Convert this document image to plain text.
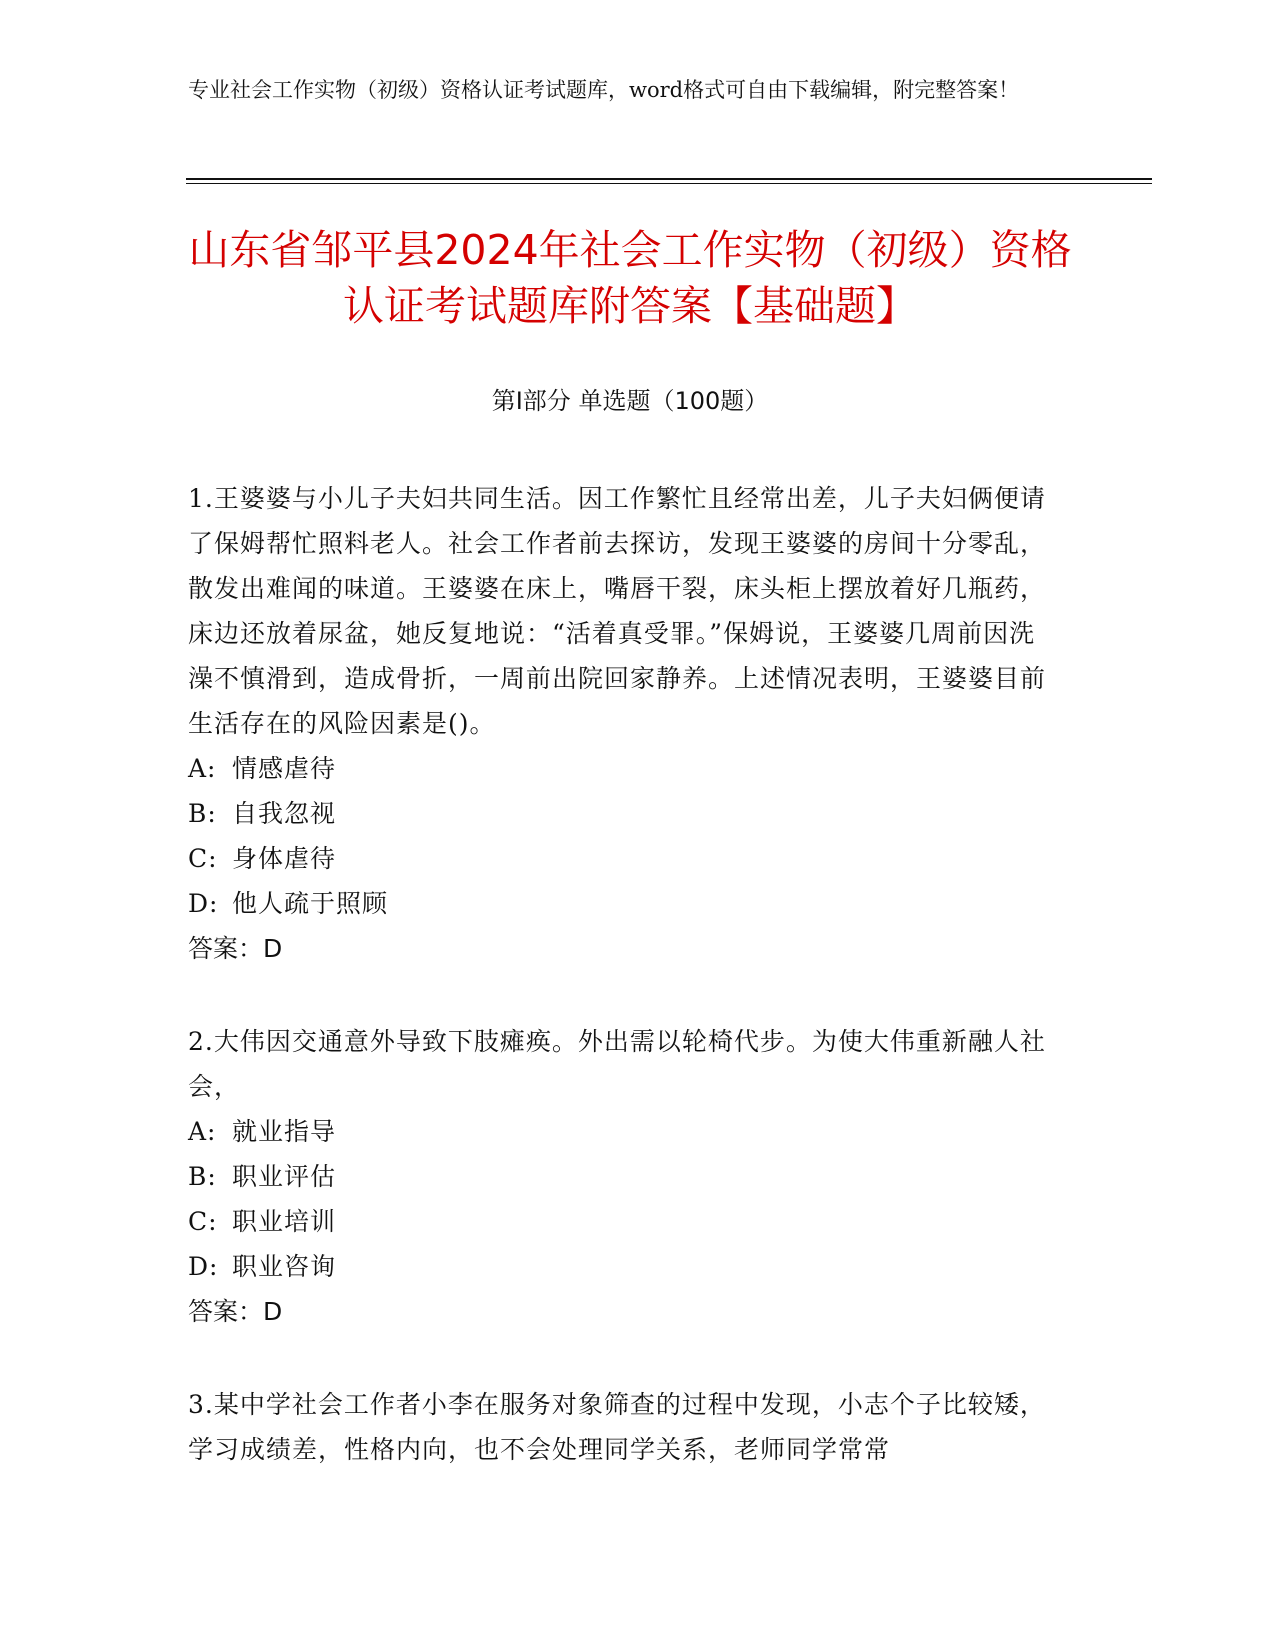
专业社会工作实物（初级）资格认证考试题库，word格式可自由下载编辑，附完整答案！
山东省邹平县2024年社会工作实物（初级）资格认证考试题库附答案【基础题】
第Ⅰ部分 单选题（100题）

1.王婆婆与小儿子夫妇共同生活。因工作繁忙且经常出差，儿子夫妇俩便请了保姆帮忙照料老人。社会工作者前去探访，发现王婆婆的房间十分零乱，散发出难闻的味道。王婆婆在床上，嘴唇干裂，床头柜上摆放着好几瓶药，床边还放着尿盆，她反复地说：“活着真受罪。”保姆说，王婆婆几周前因洗澡不慎滑到，造成骨折，一周前出院回家静养。上述情况表明，王婆婆目前生活存在的风险因素是()。

A: 情感虐待
B: 自我忽视
C: 身体虐待
D: 他人疏于照顾
答案：D

2.大伟因交通意外导致下肢瘫痪。外出需以轮椅代步。为使大伟重新融人社会，

A: 就业指导
B: 职业评估
C: 职业培训
D: 职业咨询
答案：D

3.某中学社会工作者小李在服务对象筛查的过程中发现，小志个子比较矮，学习成绩差，性格内向，也不会处理同学关系，老师同学常常
